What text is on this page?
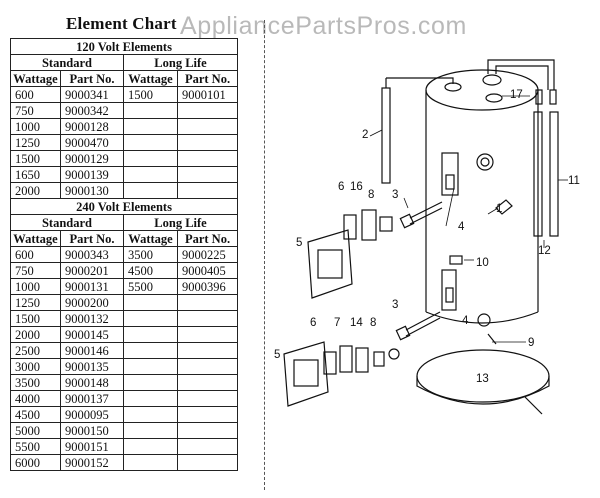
Element Chart AppliancePartsPros.com
120 Volt Elements			
Standard		Long Life	
Wattage	Part No.	Wattage	Part No.
600	9000341	1500	9000101
750	9000342		
1000	9000128		
1250	9000470		
1500	9000129		
1650	9000139		
2000	9000130		
240 Volt Elements			
Standard		Long Life	
Wattage	Part No.	Wattage	Part No.
600	9000343	3500	9000225
750	9000201	4500	9000405
1000	9000131	5500	9000396
1250	9000200		
1500	9000132		
2000	9000145		
2500	9000146		
3000	9000135		
3500	9000148		
4000	9000137		
4500	9000095		
5000	9000150		
5500	9000151		
6000	9000152		
1
2
3
3
4
4
5
5
6
6 7
8
8
9
10
11
12
13
14
16
17
